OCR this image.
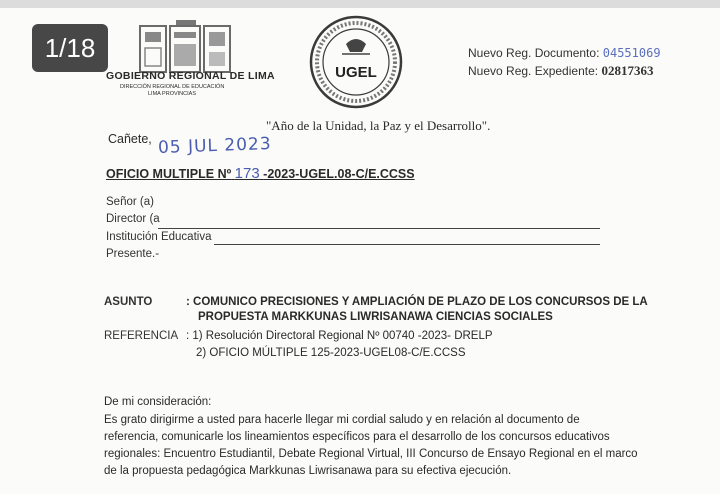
1/18
GOBIERNO REGIONAL DE LIMA
DIRECCIÓN REGIONAL DE EDUCACIÓN
LIMA PROVINCIAS
UGEL
Nuevo Reg. Documento: 04551069
Nuevo Reg. Expediente: 02817363
"Año de la Unidad, la Paz y el Desarrollo".
Cañete, 05 JUL 2023
OFICIO MULTIPLE Nº 173 -2023-UGEL.08-C/E.CCSS
Señor (a)
Director (a
Institución Educativa
Presente.-
ASUNTO	: COMUNICO PRECISIONES Y AMPLIACIÓN DE PLAZO DE LOS CONCURSOS DE LA
PROPUESTA MARKKUNAS LIWRISANAWA CIENCIAS SOCIALES
REFERENCIA : 1) Resolución Directoral Regional Nº 00740 -2023- DRELP
2) OFICIO MÚLTIPLE 125-2023-UGEL08-C/E.CCSS
De mi consideración:
Es grato dirigirme a usted para hacerle llegar mi cordial saludo y en relación al documento de
referencia, comunicarle los lineamientos específicos para el desarrollo de los concursos educativos
regionales: Encuentro Estudiantil, Debate Regional Virtual, III Concurso de Ensayo Regional en el marco
de la propuesta pedagógica Markkunas Liwrisanawa para su efectiva ejecución.
